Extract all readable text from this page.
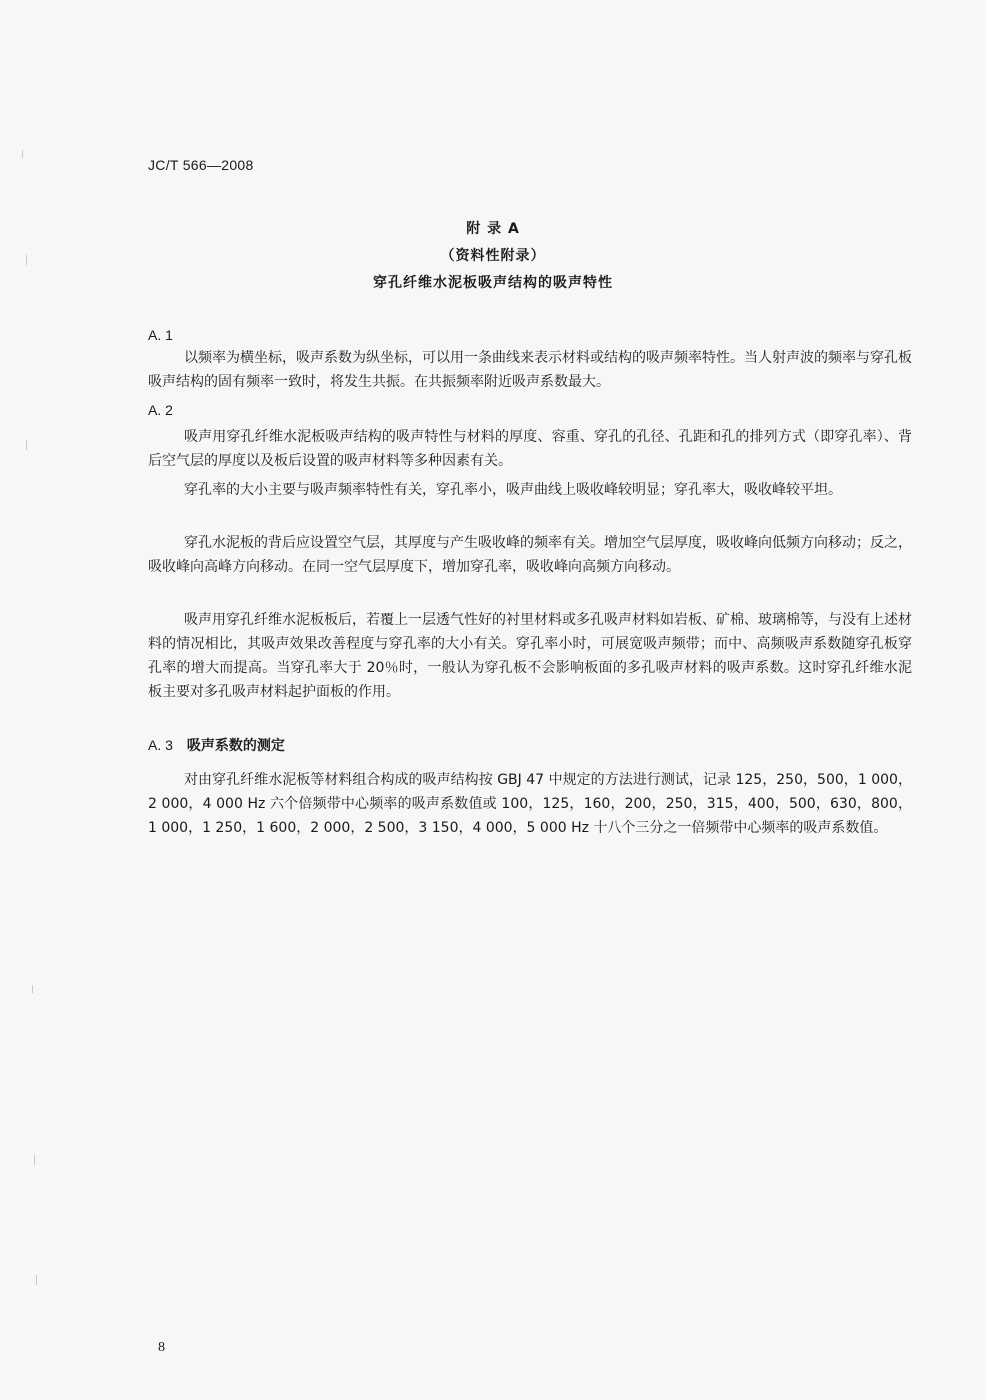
JC/T 566—2008
附 录 A
（资料性附录）
穿孔纤维水泥板吸声结构的吸声特性
A. 1

以频率为横坐标，吸声系数为纵坐标，可以用一条曲线来表示材料或结构的吸声频率特性。当人射声波的频率与穿孔板吸声结构的固有频率一致时，将发生共振。在共振频率附近吸声系数最大。

A. 2

吸声用穿孔纤维水泥板吸声结构的吸声特性与材料的厚度、容重、穿孔的孔径、孔距和孔的排列方式（即穿孔率）、背后空气层的厚度以及板后设置的吸声材料等多种因素有关。

穿孔率的大小主要与吸声频率特性有关，穿孔率小，吸声曲线上吸收峰较明显；穿孔率大，吸收峰较平坦。

穿孔水泥板的背后应设置空气层，其厚度与产生吸收峰的频率有关。增加空气层厚度，吸收峰向低频方向移动；反之，吸收峰向高峰方向移动。在同一空气层厚度下，增加穿孔率，吸收峰向高频方向移动。

吸声用穿孔纤维水泥板板后，若覆上一层透气性好的衬里材料或多孔吸声材料如岩板、矿棉、玻璃棉等，与没有上述材料的情况相比，其吸声效果改善程度与穿孔率的大小有关。穿孔率小时，可展宽吸声频带；而中、高频吸声系数随穿孔板穿孔率的增大而提高。当穿孔率大于 20％时，一般认为穿孔板不会影响板面的多孔吸声材料的吸声系数。这时穿孔纤维水泥板主要对多孔吸声材料起护面板的作用。

A. 3 吸声系数的测定

对由穿孔纤维水泥板等材料组合构成的吸声结构按 GBJ 47 中规定的方法进行测试，记录 125，250，500，1 000，2 000，4 000 Hz 六个倍频带中心频率的吸声系数值或 100，125，160，200，250，315，400，500，630，800，1 000，1 250，1 600，2 000，2 500，3 150，4 000，5 000 Hz 十八个三分之一倍频带中心频率的吸声系数值。

8
